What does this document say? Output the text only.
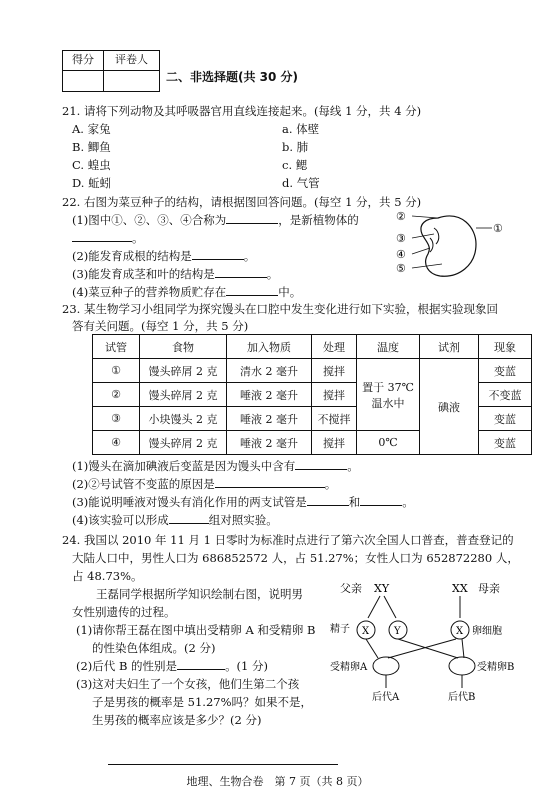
得分	评卷人
二、非选择题(共 30 分)
21. 请将下列动物及其呼吸器官用直线连接起来。(每线 1 分，共 4 分)
A. 家兔	a. 体壁
B. 鲫鱼	b. 肺
C. 蝗虫	c. 鳃
D. 蚯蚓	d. 气管
22. 右图为菜豆种子的结构，请根据图回答问题。(每空 1 分，共 5 分)
(1)图中①、②、③、④合称为	，是新植物体的
。
(2)能发育成根的结构是	。
(3)能发育成茎和叶的结构是	。
(4)菜豆种子的营养物质贮存在	中。
②
①
③
④
⑤
23. 某生物学习小组同学为探究馒头在口腔中发生变化进行如下实验，根据实验现象回
答有关问题。(每空 1 分，共 5 分)
试管	食物	加入物质	处理	温度	试剂	现象
①	馒头碎屑 2 克	清水 2 毫升	搅拌	置于 37℃
温水中	碘液	变蓝
②	馒头碎屑 2 克	唾液 2 毫升	搅拌			不变蓝
③	小块馒头 2 克	唾液 2 毫升	不搅拌			变蓝
④	馒头碎屑 2 克	唾液 2 毫升	搅拌	0℃		变蓝
(1)馒头在滴加碘液后变蓝是因为馒头中含有	。
(2)②号试管不变蓝的原因是	。
(3)能说明唾液对馒头有消化作用的两支试管是	和	。
(4)该实验可以形成	组对照实验。
24. 我国以 2010 年 11 月 1 日零时为标准时点进行了第六次全国人口普查，普查登记的
大陆人口中，男性人口为 686852572 人，占 51.27%；女性人口为 652872280 人，
占 48.73%。
王磊同学根据所学知识绘制右图，说明男
女性别遗传的过程。
(1)请你帮王磊在图中填出受精卵 A 和受精卵 B
的性染色体组成。(2 分)
(2)后代 B 的性别是	。(1 分)
(3)这对夫妇生了一个女孩，他们生第二个孩
子是男孩的概率是 51.27%吗？如果不是，
生男孩的概率应该是多少？(2 分)
父亲 XY	XX 母亲
精子 X Y	X 卵细胞
受精卵A	受精卵B
后代A	后代B
地理、生物合卷　第 7 页（共 8 页）
